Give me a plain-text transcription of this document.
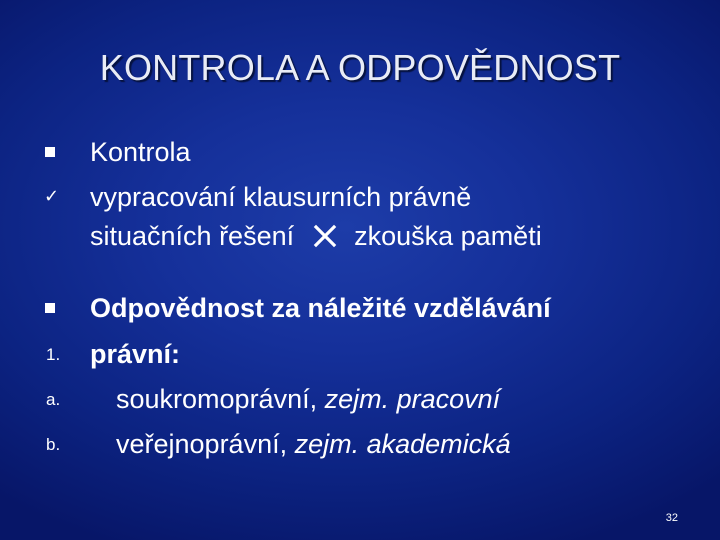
KONTROLA A ODPOVĚDNOST
Kontrola
✓ vypracování klausurních právně
situačních řešení zkouška paměti
Odpovědnost za náležité vzdělávání
1. právní:
a. soukromoprávní, zejm. pracovní
b. veřejnoprávní, zejm. akademická
32
